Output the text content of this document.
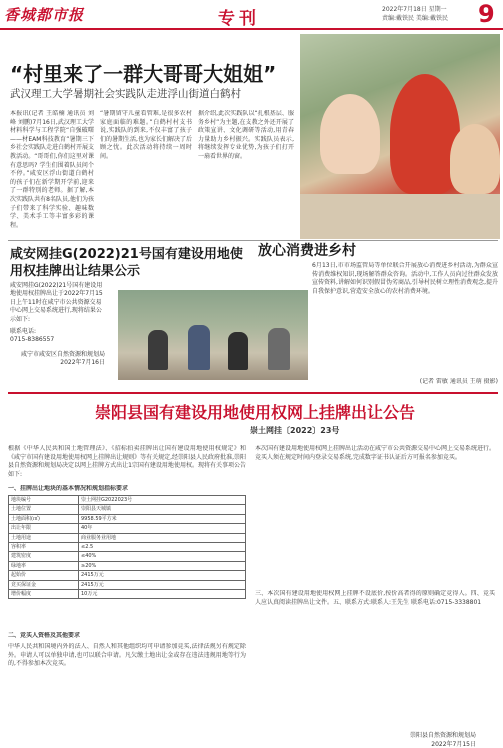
香城都市报	专刊	2022年7月18日 星期一
责编:戴铁民 美编:戴铁民	9
“村里来了一群大哥哥大姐姐”
武汉理工大学暑期社会实践队走进浮山街道白鹤村
本报讯(记者 王皓楠 通讯员 刘峰 刘鹏)7月16日,武汉理工大学材料科学与工程学院“自强破曙——材EAM科技教育”暑期三下乡社会实践队走进白鹤村开展支教活动。“哥哥们,你们这里对课有意思吗? 学生们围着队员问个不停。”咸安区浮山街道白鹤村的孩子们在新学期开学前,迎来了一群特别的老师。据了解,本次实践队共有8名队员,他们为孩子们带来了科学实验、趣味数学、美术手工等丰富多彩的课程。
“暑期留守儿童看管难,是很多农村家庭面临的难题。”白鹤村村支书说,实践队的到来,不仅丰富了孩子们的暑期生活,也为家长们解决了后顾之忧。此次活动将持续一周时间。
据介绍,此次实践队以“扎根基层、服务乡村”为主题,在支教之外还开展了政策宣讲、文化调研等活动,用青春力量助力乡村振兴。实践队员表示,将继续发挥专业优势,为孩子们打开一扇看世界的窗。
咸安网挂G(2022)21号国有建设用地使用权挂牌出让结果公示
咸安网挂G(2022)21号国有建设用地使用权挂牌出让于2022年7月15日上午11时在咸宁市公共资源交易中心网上交易系统进行,现将结果公示如下:
联系电话:
0715-8386557
咸宁市咸安区自然资源和规划局
2022年7月16日
放心消费进乡村
6月13日,市市场监管局等单位联合开展放心消费进乡村活动,为群众宣传消费维权知识,现场解答群众咨询。活动中,工作人员向过往群众发放宣传资料,讲解如何识别假冒伪劣商品,引导村民树立理性消费观念,提升自我保护意识,营造安全放心的农村消费环境。
(记者 雷敏 通讯员 王萌 摄影)
崇阳县国有建设用地使用权网上挂牌出让公告
崇土网挂〔2022〕23号
根据《中华人民共和国土地管理法》、《招标拍卖挂牌出让国有建设用地使用权规定》和《咸宁市国有建设用地使用权网上挂牌出让规则》等有关规定,经崇阳县人民政府批准,崇阳县自然资源和规划局决定以网上挂牌方式出让1宗国有建设用地使用权。现将有关事项公告如下:
一、挂牌出让地块的基本情况和规划指标要求
地块编号	崇土网挂G2022023号
土地位置	崇阳县天城镇
土地面积(㎡)	9958.59平方米
出让年限	40年
土地用途	商业服务业用地
容积率	≤2.5
建筑密度	≤40%
绿地率	≥20%
起始价	2415万元
竞买保证金	2415万元
增价幅度	10万元
二、竞买人资格及其他要求
中华人民共和国境内外的法人、自然人和其他组织均可申请参加竞买,法律法规另有规定除外。申请人可以单独申请,也可以联合申请。凡欠缴土地出让金或存在违法违规用地等行为的,不得参加本次竞买。
本次国有建设用地使用权网上挂牌出让活动在咸宁市公共资源交易中心网上交易系统进行。竞买人须在规定时间内登录交易系统,完成数字证书认证后方可报名参加竞买。
三、本次国有建设用地使用权网上挂牌不设底价,按价高者得的原则确定竞得人。四、竞买人应认真阅读挂牌出让文件。五、联系方式:联系人:王先生 联系电话:0715-3338801
崇阳县自然资源和规划局
2022年7月15日
